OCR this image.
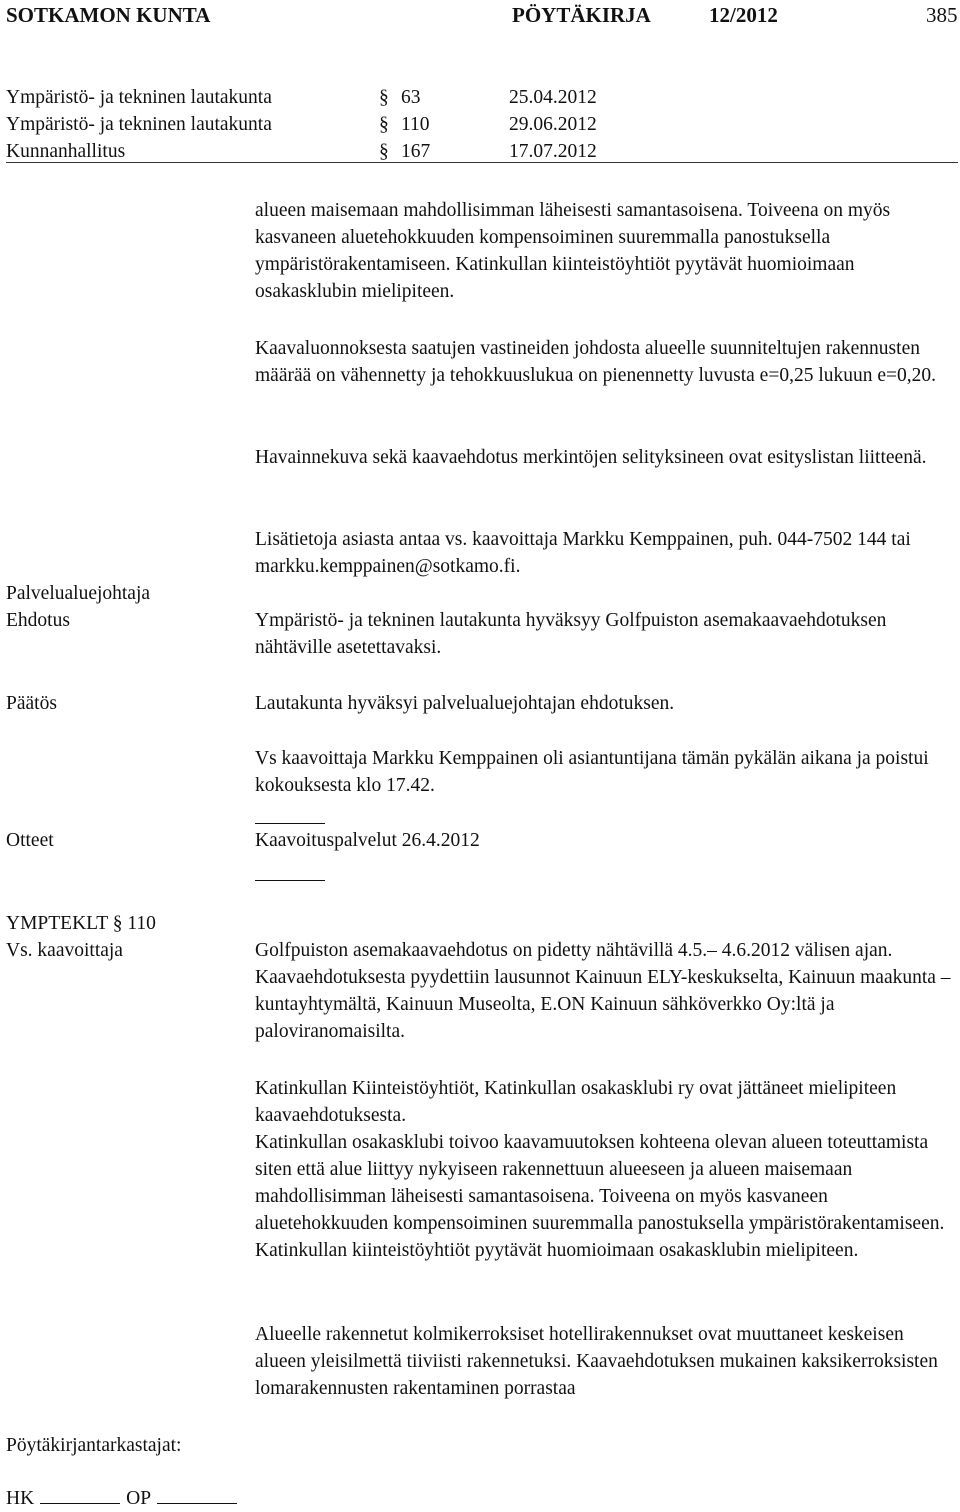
SOTKAMON KUNTA	PÖYTÄKIRJA	12/2012	385
Ympäristö- ja tekninen lautakunta	§ 63	25.04.2012
Ympäristö- ja tekninen lautakunta	§ 110	29.06.2012
Kunnanhallitus	§ 167	17.07.2012

alueen maisemaan mahdollisimman läheisesti samantasoisena. Toiveena on myös kasvaneen aluetehokkuuden kompensoiminen suuremmalla panostuksella ympäristörakentamiseen. Katinkullan kiinteistöyhtiöt pyytävät huomioimaan osakasklubin mielipiteen.

Kaavaluonnoksesta saatujen vastineiden johdosta alueelle suunniteltujen rakennusten määrää on vähennetty ja tehokkuuslukua on pienennetty luvusta e=0,25 lukuun e=0,20.

Havainnekuva sekä kaavaehdotus merkintöjen selityksineen ovat esityslistan liitteenä.

Lisätietoja asiasta antaa vs. kaavoittaja Markku Kemppainen, puh. 044-7502 144 tai markku.kemppainen@sotkamo.fi.

Palvelualuejohtaja
Ehdotus	Ympäristö- ja tekninen lautakunta hyväksyy Golfpuiston asemakaavaehdotuksen nähtäville asetettavaksi.

Päätös	Lautakunta hyväksyi palvelualuejohtajan ehdotuksen.

Vs kaavoittaja Markku Kemppainen oli asiantuntijana tämän pykälän aikana ja poistui kokouksesta klo 17.42.

Otteet	Kaavoituspalvelut 26.4.2012

YMPTEKLT § 110
Vs. kaavoittaja	Golfpuiston asemakaavaehdotus on pidetty nähtävillä 4.5.– 4.6.2012 välisen ajan. Kaavaehdotuksesta pyydettiin lausunnot Kainuun ELY-keskukselta, Kainuun maakunta –kuntayhtymältä, Kainuun Museolta, E.ON Kainuun sähköverkko Oy:ltä ja paloviranomaisilta.

Katinkullan Kiinteistöyhtiöt, Katinkullan osakasklubi ry ovat jättäneet mielipiteen kaavaehdotuksesta.

Katinkullan osakasklubi toivoo kaavamuutoksen kohteena olevan alueen toteuttamista siten että alue liittyy nykyiseen rakennettuun alueeseen ja alueen maisemaan mahdollisimman läheisesti samantasoisena. Toiveena on myös kasvaneen aluetehokkuuden kompensoiminen suuremmalla panostuksella ympäristörakentamiseen. Katinkullan kiinteistöyhtiöt pyytävät huomioimaan osakasklubin mielipiteen.

Alueelle rakennetut kolmikerroksiset hotellirakennukset ovat muuttaneet keskeisen alueen yleisilmettä tiiviisti rakennetuksi. Kaavaehdotuksen mukainen kaksikerroksisten lomarakennusten rakentaminen porrastaa

Pöytäkirjantarkastajat:
HK	OP
